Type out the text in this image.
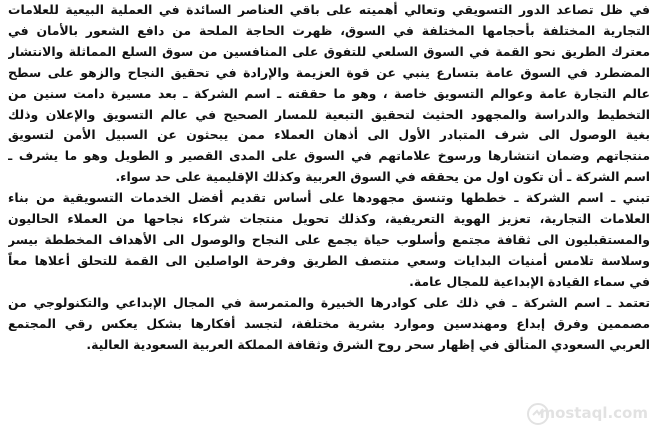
في ظل تصاعد الدور التسويقي وتعالي أهميته على باقي العناصر السائدة في العملية البيعية للعلامات
التجارية المختلفة بأحجامها المختلفة في السوق، ظهرت الحاجة الملحة من دافع الشعور بالأمان في
معترك الطريق نحو القمة في السوق السلعي للتفوق على المنافسين من سوق السلع المماثلة والانتشار
المضطرد في السوق عامة بتسارع ينبي عن قوة العزيمة والإرادة في تحقيق النجاح والزهو على سطح
عالم التجارة عامة وعوالم التسويق خاصة ، وهو ما حققته ـ اسم الشركة ـ بعد مسيرة دامت سنين من
التخطيط والدراسة والمجهود الحثيث لتحقيق التبعية للمسار الصحيح في عالم التسويق والإعلان وذلك
بغية الوصول الى شرف المتبادر الأول الى أذهان العملاء ممن يبحثون عن السبيل الأمن لتسويق
منتجاتهم وضمان انتشارها ورسوخ علاماتهم في السوق على المدى القصير و الطويل وهو ما يشرف ـ
اسم الشركة ـ أن تكون اول من يحققه في السوق العربية وكذلك الإقليمية على حد سواء.
تبني ـ اسم الشركة ـ خططها وتنسق مجهودها على أساس تقديم أفضل الخدمات التسويقية من بناء
العلامات التجارية، تعزيز الهوية التعريفية، وكذلك تحويل منتجات شركاء نجاحها من العملاء الحاليون
والمستقبليون الى ثقافة مجتمع وأسلوب حياة يجمع على النجاح والوصول الى الأهداف المخططة بيسر
وسلاسة تلامس أمنيات البدايات وسعي منتصف الطريق وفرحة الواصلين الى القمة للتحلق أعلاها معاً
في سماء القيادة الإبداعية للمجال عامة.
تعتمد ـ اسم الشركة ـ في ذلك على كوادرها الخبيرة والمتمرسة في المجال الإبداعي والتكنولوجي من
مصممين وفرق إبداع ومهندسين وموارد بشرية مختلفة، لتجسد أفكارها بشكل يعكس رقي المجتمع
العربي السعودي المتألق في إظهار سحر روح الشرق وثقافة المملكة العربية السعودية العالية.
mostaql.com
